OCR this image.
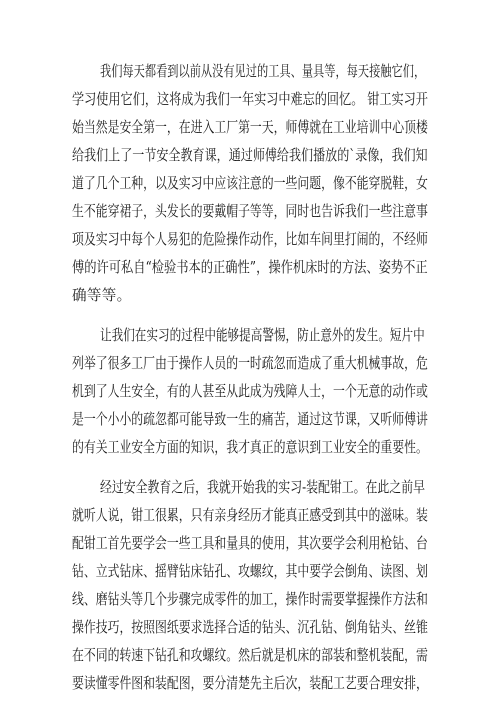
我们每天都看到以前从没有见过的工具、量具等，每天接触它们，
学习使用它们，这将成为我们一年实习中难忘的回忆。 钳工实习开
始当然是安全第一，在进入工厂第一天，师傅就在工业培训中心顶楼
给我们上了一节安全教育课，通过师傅给我们播放的`录像，我们知
道了几个工种，以及实习中应该注意的一些问题，像不能穿脱鞋，女
生不能穿裙子，头发长的要戴帽子等等，同时也告诉我们一些注意事
项及实习中每个人易犯的危险操作动作，比如车间里打闹的，不经师
傅的许可私自“检验书本的正确性”，操作机床时的方法、姿势不正
确等等。
让我们在实习的过程中能够提高警惕，防止意外的发生。短片中
列举了很多工厂由于操作人员的一时疏忽而造成了重大机械事故，危
机到了人生安全，有的人甚至从此成为残障人士，一个无意的动作或
是一个小小的疏忽都可能导致一生的痛苦，通过这节课，又听师傅讲
的有关工业安全方面的知识，我才真正的意识到工业安全的重要性。
经过安全教育之后，我就开始我的实习-装配钳工。在此之前早
就听人说，钳工很累，只有亲身经历才能真正感受到其中的滋味。装
配钳工首先要学会一些工具和量具的使用，其次要学会利用枪钻、台
钻、立式钻床、摇臂钻床钻孔、攻螺纹，其中要学会倒角、读图、划
线、磨钻头等几个步骤完成零件的加工，操作时需要掌握操作方法和
操作技巧，按照图纸要求选择合适的钻头、沉孔钻、倒角钻头、丝锥
在不同的转速下钻孔和攻螺纹。然后就是机床的部装和整机装配，需
要读懂零件图和装配图，要分清楚先主后次，装配工艺要合理安排，
